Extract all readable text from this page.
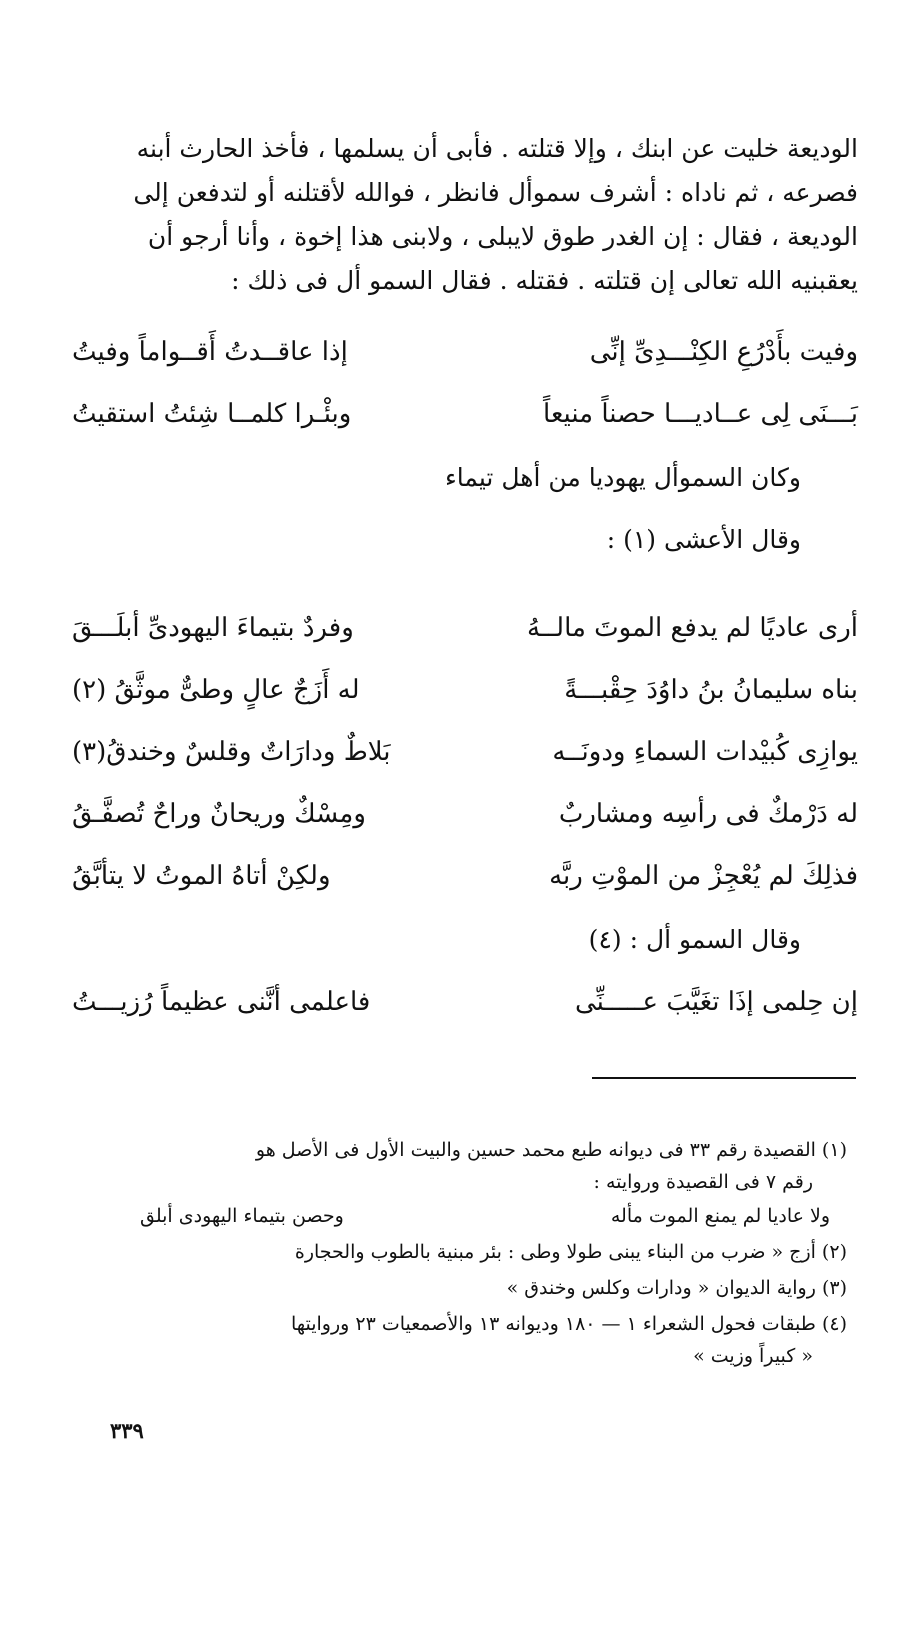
الوديعة خليت عن ابنك ، وإلا قتلته . فأبى أن يسلمها ، فأخذ الحارث أبنه

فصرعه ، ثم ناداه : أشرف سموأل فانظر ، فوالله لأقتلنه أو لتدفعن إلى

الوديعة ، فقال : إن الغدر طوق لايبلى ، ولابنى هذا إخوة ، وأنا أرجو أن

يعقبنيه الله تعالى إن قتلته . فقتله . فقال السمو أل فى ذلك :

وفيت بأَدْرُعِ الكِنْـــدِىِّ إنِّى
إذا عاقــدتُ أَقــواماً وفيتُ
بَـــنَى لِى عــاديـــا حصناً منيعاً
وبئْـرا كلمــا شِئتُ استقيتُ
وكان السموأل يهوديا من أهل تيماء
وقال الأعشى (١) :
أرى عاديًا لم يدفع الموتَ مالــهُ
وفردٌ بتيماءَ اليهودىِّ أبلَـــقَ
بناه سليمانُ بنُ داوُدَ حِقْبـــةً
له أَزَجٌ عالٍ وطىٌّ موثَّقُ (٢)
يوازِى كُبيْدات السماءِ ودونَــه
بَلاطٌ ودارَاتٌ وقلسٌ وخندقُ(٣)
له دَرْمكٌ فى رأسِه ومشاربٌ
ومِسْكٌ وريحانٌ وراحٌ تُصفَّـقُ
فذلِكَ لم يُعْجِزْ من الموْتِ ربَّه
ولكِنْ أتاهُ الموتُ لا يتأبَّقُ
وقال السمو أل : (٤)
إن حِلمى إذَا تغَيَّبَ عـــــنِّى
فاعلمى أنَّنى عظيماً رُزيـــتُ
(١) القصيدة رقم ٣٣ فى ديوانه طبع محمد حسين والبيت الأول فى الأصل هو
رقم ٧ فى القصيدة وروايته :
ولا عاديا لم يمنع الموت مأله
وحصن بتيماء اليهودى أبلق
(٢) أزج « ضرب من البناء يبنى طولا وطى : بئر مبنية بالطوب والحجارة
(٣) رواية الديوان « ودارات وكلس وخندق »
(٤) طبقات فحول الشعراء ١ — ١٨٠ وديوانه ١٣ والأصمعيات ٢٣ وروايتها
« كبيراً وزيت »
٣٣٩
